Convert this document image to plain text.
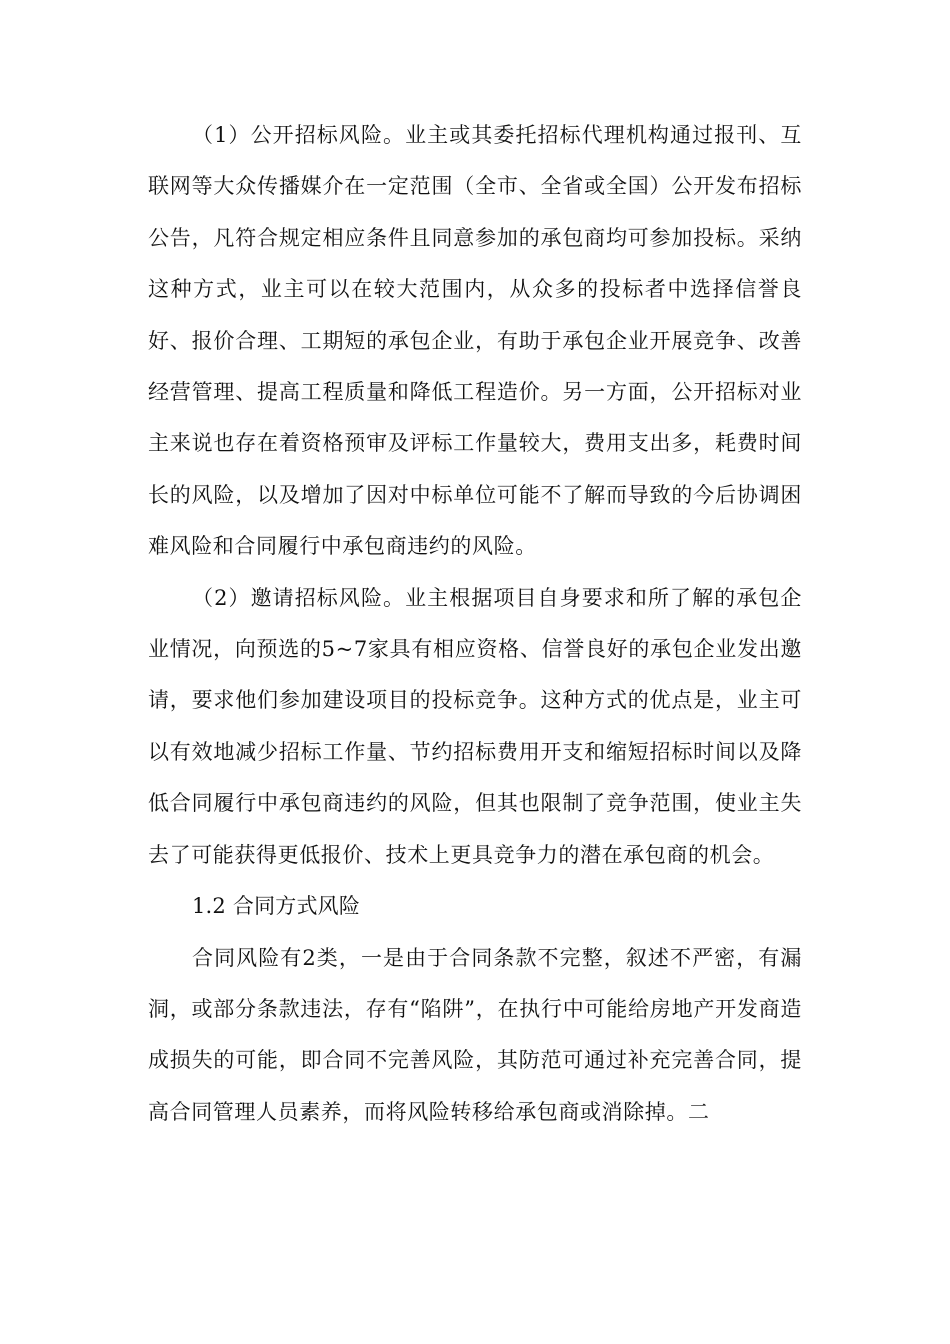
（1）公开招标风险。业主或其委托招标代理机构通过报刊、互联网等大众传播媒介在一定范围（全市、全省或全国）公开发布招标公告，凡符合规定相应条件且同意参加的承包商均可参加投标。采纳这种方式，业主可以在较大范围内，从众多的投标者中选择信誉良好、报价合理、工期短的承包企业，有助于承包企业开展竞争、改善经营管理、提高工程质量和降低工程造价。另一方面，公开招标对业主来说也存在着资格预审及评标工作量较大，费用支出多，耗费时间长的风险，以及增加了因对中标单位可能不了解而导致的今后协调困难风险和合同履行中承包商违约的风险。

（2）邀请招标风险。业主根据项目自身要求和所了解的承包企业情况，向预选的5~7家具有相应资格、信誉良好的承包企业发出邀请，要求他们参加建设项目的投标竞争。这种方式的优点是，业主可以有效地减少招标工作量、节约招标费用开支和缩短招标时间以及降低合同履行中承包商违约的风险，但其也限制了竞争范围，使业主失去了可能获得更低报价、技术上更具竞争力的潜在承包商的机会。

1.2 合同方式风险

合同风险有2类，一是由于合同条款不完整，叙述不严密，有漏洞，或部分条款违法，存有“陷阱”，在执行中可能给房地产开发商造成损失的可能，即合同不完善风险，其防范可通过补充完善合同，提高合同管理人员素养，而将风险转移给承包商或消除掉。二
